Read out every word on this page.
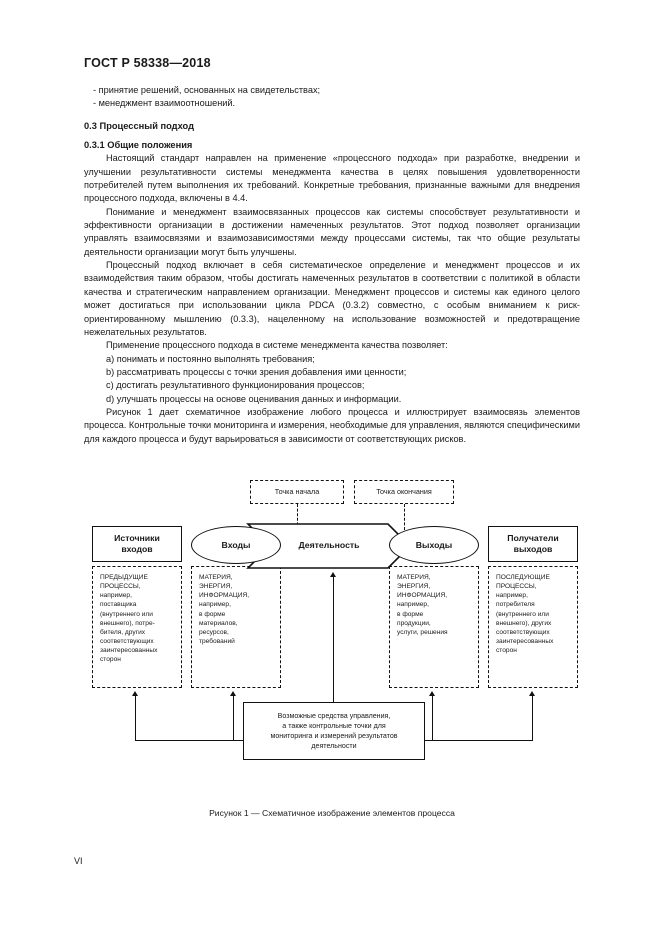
ГОСТ Р 58338—2018

- принятие решений, основанных на свидетельствах;

- менеджмент взаимоотношений.

0.3 Процессный подход

0.3.1 Общие положения

Настоящий стандарт направлен на применение «процессного подхода» при разработке, внедрении и улучшении результативности системы менеджмента качества в целях повышения удовлетворенности потребителей путем выполнения их требований. Конкретные требования, признанные важными для внедрения процессного подхода, включены в 4.4.

Понимание и менеджмент взаимосвязанных процессов как системы способствует результативности и эффективности организации в достижении намеченных результатов. Этот подход позволяет организации управлять взаимосвязями и взаимозависимостями между процессами системы, так что общие результаты деятельности организации могут быть улучшены.

Процессный подход включает в себя систематическое определение и менеджмент процессов и их взаимодействия таким образом, чтобы достигать намеченных результатов в соответствии с политикой в области качества и стратегическим направлением организации. Менеджмент процессов и системы как единого целого может достигаться при использовании цикла PDCA (0.3.2) совместно, с особым вниманием к риск-ориентированному мышлению (0.3.3), нацеленному на использование возможностей и предотвращение нежелательных результатов.

Применение процессного подхода в системе менеджмента качества позволяет:

a) понимать и постоянно выполнять требования;

b) рассматривать процессы с точки зрения добавления ими ценности;

c) достигать результативного функционирования процессов;

d) улучшать процессы на основе оценивания данных и информации.

Рисунок 1 дает схематичное изображение любого процесса и иллюстрирует взаимосвязь элементов процесса. Контрольные точки мониторинга и измерения, необходимые для управления, являются специфическими для каждого процесса и будут варьироваться в зависимости от соответствующих рисков.

Точка начала	Точка окончания
Источники
входов
ПРЕДЫДУЩИЕ
ПРОЦЕССЫ,
например,
поставщика
(внутреннего или
внешнего), потре-
бителя, других
соответствующих
заинтересованных
сторон
Входы
МАТЕРИЯ,
ЭНЕРГИЯ,
ИНФОРМАЦИЯ,
например,
в форме
материалов,
ресурсов,
требований
Деятельность	Выходы
МАТЕРИЯ,
ЭНЕРГИЯ,
ИНФОРМАЦИЯ,
например,
в форме
продукции,
услуги, решения
Получатели
выходов
ПОСЛЕДУЮЩИЕ
ПРОЦЕССЫ,
например,
потребителя
(внутреннего или
внешнего), других
соответствующих
заинтересованных
сторон
Возможные средства управления,
а также контрольные точки для
мониторинга и измерений результатов
деятельности
Рисунок 1 — Схематичное изображение элементов процесса
VI
